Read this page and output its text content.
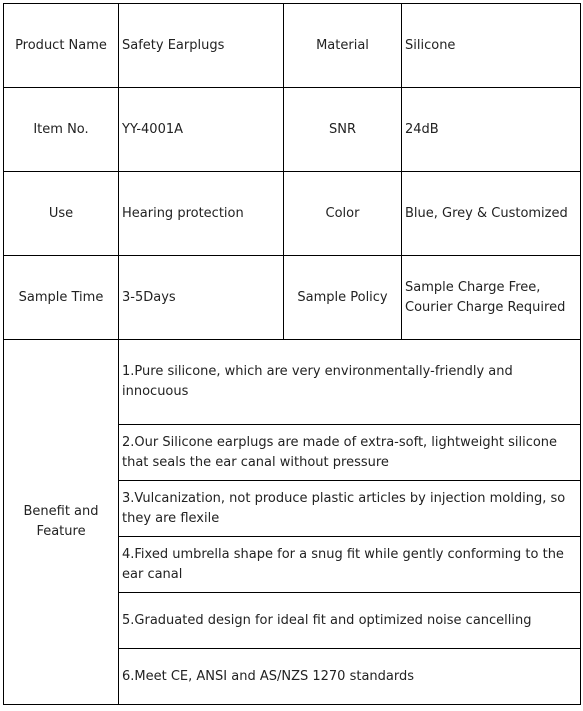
Product Name	Safety Earplugs	Material	Silicone
Item No.	YY-4001A	SNR	24dB
Use	Hearing protection	Color	Blue, Grey & Customized
Sample Time	3-5Days	Sample Policy	Sample Charge Free, Courier Charge Required
Benefit and Feature	1.Pure silicone, which are very environmentally-friendly and innocuous		
	2.Our Silicone earplugs are made of extra-soft, lightweight silicone that seals the ear canal without pressure		
	3.Vulcanization, not produce plastic articles by injection molding, so they are flexile		
	4.Fixed umbrella shape for a snug fit while gently conforming to the ear canal		
	5.Graduated design for ideal fit and optimized noise cancelling		
	6.Meet CE, ANSI and AS/NZS 1270 standards		
